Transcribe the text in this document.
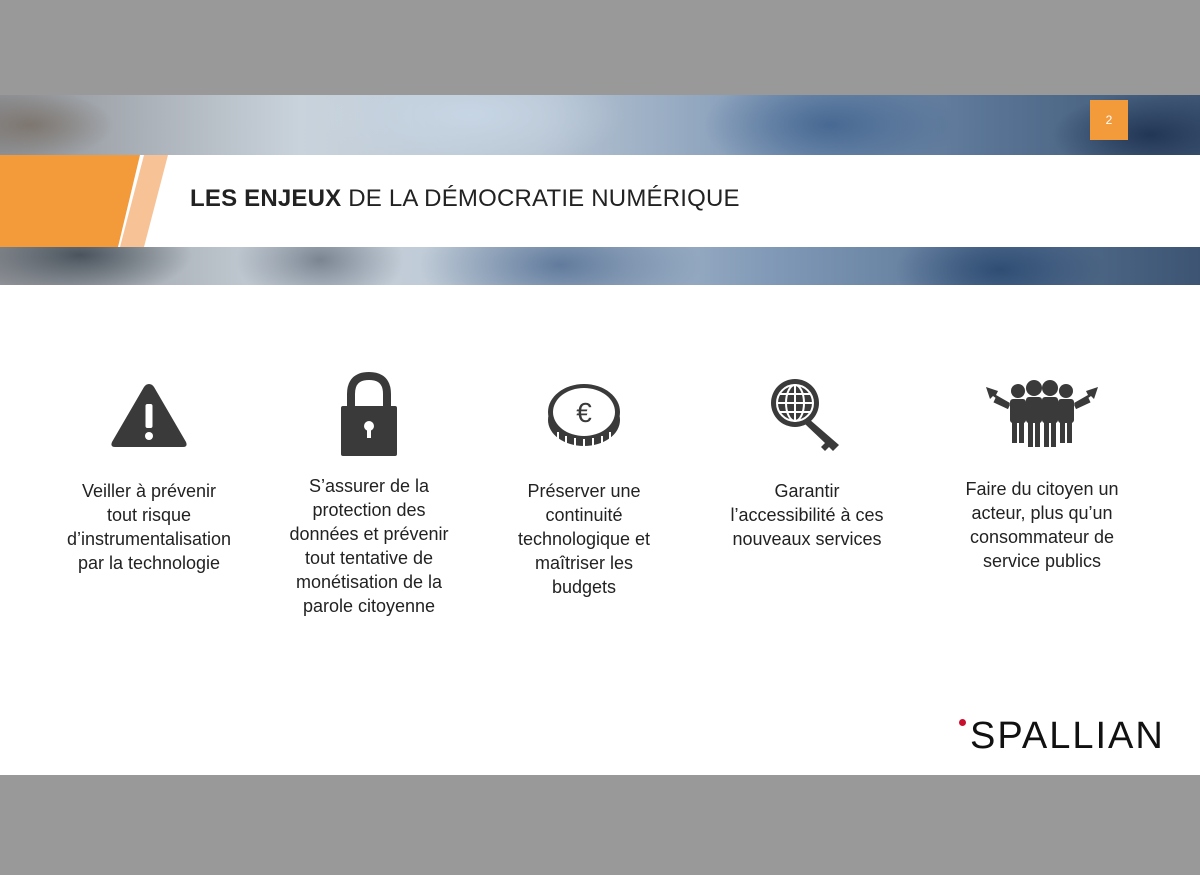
2
LES ENJEUX DE LA DÉMOCRATIE NUMÉRIQUE
Veiller à prévenir
tout risque
d’instrumentalisation
par la technologie
S’assurer de la
protection des
données et prévenir
tout tentative de
monétisation de la
parole citoyenne
€
Préserver une
continuité
technologique et
maîtriser les
budgets
Garantir
l’accessibilité à ces
nouveaux services
Faire du citoyen un
acteur, plus qu’un
consommateur de
service publics
SPALLIAN
